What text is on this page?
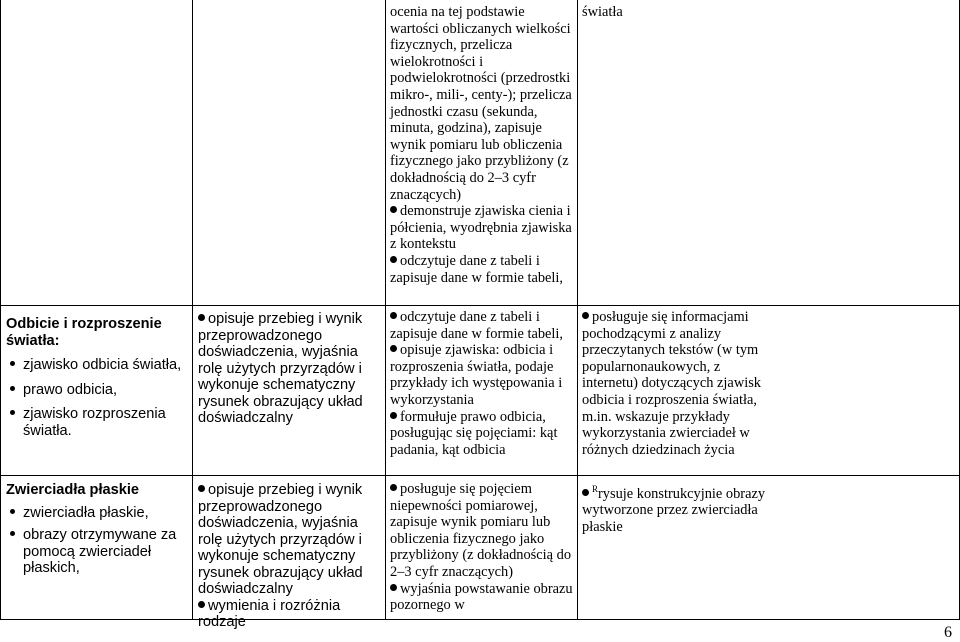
Odbicie i rozproszenie światła:

zjawisko odbicia światła,

prawo odbicia,

zjawisko rozproszenia światła.

Zwierciadła płaskie

zwierciadła płaskie,

obrazy otrzymywane za pomocą zwierciadeł płaskich,

opisuje przebieg i wynik przeprowadzonego doświadczenia, wyjaśnia rolę użytych przyrządów i wykonuje schematyczny rysunek obrazujący układ doświadczalny

opisuje przebieg i wynik przeprowadzonego doświadczenia, wyjaśnia rolę użytych przyrządów i wykonuje schematyczny rysunek obrazujący układ doświadczalny

wymienia i rozróżnia rodzaje

ocenia na tej podstawie wartości obliczanych wielkości fizycznych, przelicza wielokrotności i podwielokrotności (przedrostki mikro-, mili-, centy-); przelicza jednostki czasu (sekunda, minuta, godzina), zapisuje wynik pomiaru lub obliczenia fizycznego jako przybliżony (z dokładnością do 2–3 cyfr znaczących)

demonstruje zjawiska cienia i półcienia, wyodrębnia zjawiska z kontekstu

odczytuje dane z tabeli i zapisuje dane w formie tabeli,

odczytuje dane z tabeli i zapisuje dane w formie tabeli,

opisuje zjawiska: odbicia i rozproszenia światła, podaje przykłady ich występowania i wykorzystania

formułuje prawo odbicia, posługując się pojęciami: kąt padania, kąt odbicia

posługuje się pojęciem niepewności pomiarowej, zapisuje wynik pomiaru lub obliczenia fizycznego jako przybliżony (z dokładnością do 2–3 cyfr znaczących)

wyjaśnia powstawanie obrazu pozornego w

światła

posługuje się informacjami pochodzącymi z analizy przeczytanych tekstów (w tym popularnonaukowych, z internetu) dotyczących zjawisk odbicia i rozproszenia światła, m.in. wskazuje przykłady wykorzystania zwierciadeł w różnych dziedzinach życia

$^R$rysuje konstrukcyjnie obrazy wytworzone przez zwierciadła płaskie

6
